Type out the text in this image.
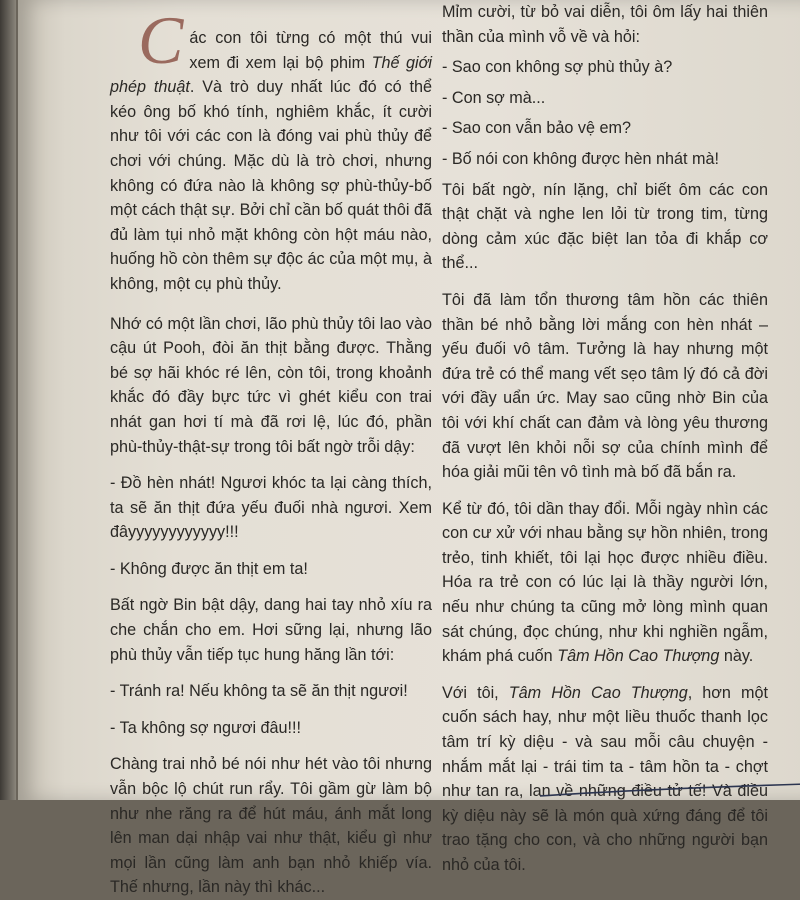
C ác con tôi từng có một thú vui xem đi xem lại bộ phim Thế giới phép thuật. Và trò duy nhất lúc đó có thể kéo ông bố khó tính, nghiêm khắc, ít cười như tôi với các con là đóng vai phù thủy để chơi với chúng. Mặc dù là trò chơi, nhưng không có đứa nào là không sợ phù-thủy-bố một cách thật sự. Bởi chỉ cần bố quát thôi đã đủ làm tụi nhỏ mặt không còn hột máu nào, huống hồ còn thêm sự độc ác của một mụ, à không, một cụ phù thủy.

Nhớ có một lần chơi, lão phù thủy tôi lao vào cậu út Pooh, đòi ăn thịt bằng được. Thằng bé sợ hãi khóc ré lên, còn tôi, trong khoảnh khắc đó đầy bực tức vì ghét kiểu con trai nhát gan hơi tí mà đã rơi lệ, lúc đó, phần phù-thủy-thật-sự trong tôi bất ngờ trỗi dậy:

- Đồ hèn nhát! Ngươi khóc ta lại càng thích, ta sẽ ăn thịt đứa yếu đuối nhà ngươi. Xem đâyyyyyyyyyyyy!!!

- Không được ăn thịt em ta!

Bất ngờ Bin bật dậy, dang hai tay nhỏ xíu ra che chắn cho em. Hơi sững lại, nhưng lão phù thủy vẫn tiếp tục hung hăng lần tới:

- Tránh ra! Nếu không ta sẽ ăn thịt ngươi!

- Ta không sợ ngươi đâu!!!

Chàng trai nhỏ bé nói như hét vào tôi nhưng vẫn bộc lộ chút run rẩy. Tôi gầm gừ làm bộ như nhe răng ra để hút máu, ánh mắt long lên man dại nhập vai như thật, kiểu gì như mọi lần cũng làm anh bạn nhỏ khiếp vía. Thế nhưng, lần này thì khác...

Mỉm cười, từ bỏ vai diễn, tôi ôm lấy hai thiên thần của mình vỗ về và hỏi:

- Sao con không sợ phù thủy à?

- Con sợ mà...

- Sao con vẫn bảo vệ em?

- Bố nói con không được hèn nhát mà!

Tôi bất ngờ, nín lặng, chỉ biết ôm các con thật chặt và nghe len lỏi từ trong tim, từng dòng cảm xúc đặc biệt lan tỏa đi khắp cơ thể...

Tôi đã làm tổn thương tâm hồn các thiên thần bé nhỏ bằng lời mắng con hèn nhát – yếu đuối vô tâm. Tưởng là hay nhưng một đứa trẻ có thể mang vết sẹo tâm lý đó cả đời với đầy uẩn ức. May sao cũng nhờ Bin của tôi với khí chất can đảm và lòng yêu thương đã vượt lên khỏi nỗi sợ của chính mình để hóa giải mũi tên vô tình mà bố đã bắn ra.

Kể từ đó, tôi dần thay đổi. Mỗi ngày nhìn các con cư xử với nhau bằng sự hồn nhiên, trong trẻo, tinh khiết, tôi lại học được nhiều điều. Hóa ra trẻ con có lúc lại là thầy người lớn, nếu như chúng ta cũng mở lòng mình quan sát chúng, đọc chúng, như khi nghiền ngẫm, khám phá cuốn Tâm Hồn Cao Thượng này.

Với tôi, Tâm Hồn Cao Thượng, hơn một cuốn sách hay, như một liều thuốc thanh lọc tâm trí kỳ diệu - và sau mỗi câu chuyện - nhắm mắt lại - trái tim ta - tâm hồn ta - chợt như tan ra, lan về những điều tử tế! Và điều kỳ diệu này sẽ là món quà xứng đáng để tôi trao tặng cho con, và cho những người bạn nhỏ của tôi.
